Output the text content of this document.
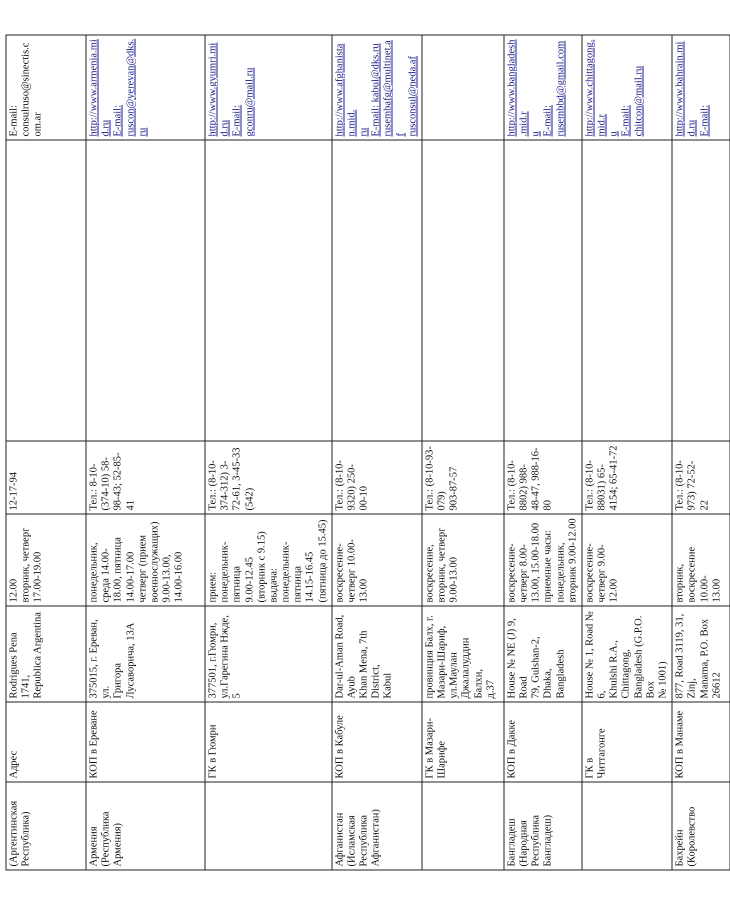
(Аргентинская
Республика)	Адрес	Rodrigues Pena 1741,
Republica Argentina	12.00
вторник, четверг 17.00-19.00	12-17-94		E-mail:
consulruso@sinectis.com.ar
Армения
(Республика
Армения)	КОП в Ереване	375015, г. Ереван, ул.
Григора Лусаворича, 13А	понедельник, среда 14.00-
18.00, пятница 14.00-17.00
четверг (прием
военнослужащих) 9.00-13.00,
14.00-16.00	Тел.: 8-10-(374-10) 58-
98-43; 52-85-41		http://www.armenia.mid.ru
E-mail:
ruscon@yerevan@dks.ru
	ГК в Гюмри	377501, г.Гюмри,
ул.Гарегина Нжде, 5	прием: понедельник-пятница
9.00-12.45 (вторник с 9.15)
выдача: понедельник-пятница
14.15-16.45 (пятница до 15.45)	Тел.: (8-10-374-312) 3-
72-61, 3-45-33 (542)		http://www.gyumri.mid.ru
E-mail: gconru@mail.ru
Афганистан
(Исламская
Республика
Афганистан)	КОП в Кабуле	Dar-ul-Aman Road, Ayub
Khan Mena, 7th District,
Kabul	воскресение-четверг 10.00-
13.00	Тел.: (8-10-9320) 250-
00-10		http://www.afghanistan.mid.
ru
E-mail: kabul@dks.ru
rusembafg@multinet.af
rusconsul@neda.af
	ГК в Мазари-
Шарифе	провинция Балх, г.
Мазари-Шариф,
ул.Маулан
Джалалуддин Балхи,
д.37	воскресение, вторник, четверг
9.00-13.00	Тел.: (8-10-93-079)
903-87-57		
Бангладеш
(Народная
Республика
Бангладеш)	КОП в Дакке	House № NE (J) 9, Road
79, Gulshan-2, Dhaka,
Bangladesh	воскресение-четверг 8.00-
13.00, 15.00-18.00
приемные часы: понедельник,
вторник 9.00-12.00	Тел.: (8-10-8802) 988-
48-47, 988-16-80		http://www.bangladesh.mid.r
u
E-mail:
rusembbd@gmail.com
	ГК в Читтагонге	House № 1, Road № 6,
Khulshi R.A., Chittagong,
Bangladesh (G.P.O. Box
№ 1001)	воскресение-четверг 9.00-
12.00	Тел.: (8-10-88031) 65-
4154; 65-41-72		http://www.chittagong.mid.r
u
E-mail: chitcon@mail.ru
Бахрейн
(Королевство	КОП в Манаме	877, Road 3119, 31, Zinj,
Manama, P.O. Box 26612	вторник, воскресение 10.00-
13.00	Тел.: (8-10-973) 72-52-
22		http://www.bahrain.mid.ru
E-mail:
